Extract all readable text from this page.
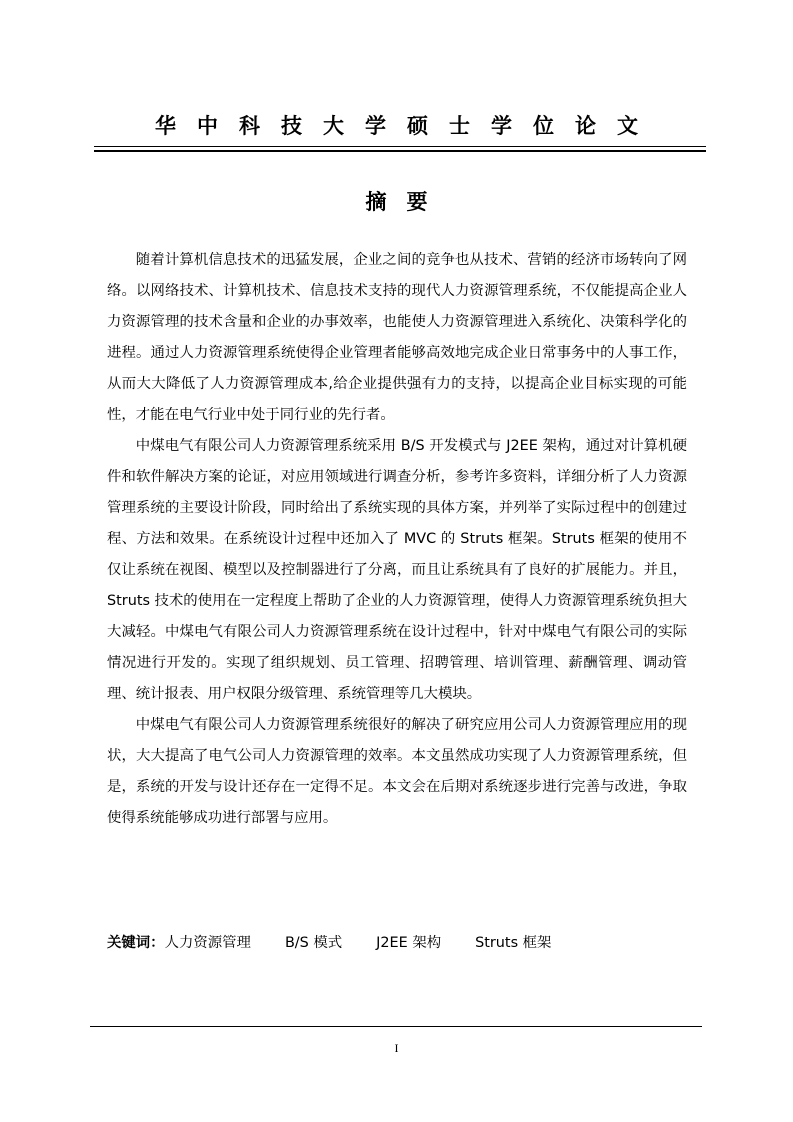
华中科技大学硕士学位论文
摘要

随着计算机信息技术的迅猛发展，企业之间的竞争也从技术、营销的经济市场转向了网络。以网络技术、计算机技术、信息技术支持的现代人力资源管理系统，不仅能提高企业人力资源管理的技术含量和企业的办事效率，也能使人力资源管理进入系统化、决策科学化的进程。通过人力资源管理系统使得企业管理者能够高效地完成企业日常事务中的人事工作，从而大大降低了人力资源管理成本,给企业提供强有力的支持，以提高企业目标实现的可能性，才能在电气行业中处于同行业的先行者。

中煤电气有限公司人力资源管理系统采用 B/S 开发模式与 J2EE 架构，通过对计算机硬件和软件解决方案的论证，对应用领域进行调查分析，参考许多资料，详细分析了人力资源管理系统的主要设计阶段，同时给出了系统实现的具体方案，并列举了实际过程中的创建过程、方法和效果。在系统设计过程中还加入了 MVC 的 Struts 框架。Struts 框架的使用不仅让系统在视图、模型以及控制器进行了分离，而且让系统具有了良好的扩展能力。并且，Struts 技术的使用在一定程度上帮助了企业的人力资源管理，使得人力资源管理系统负担大大减轻。中煤电气有限公司人力资源管理系统在设计过程中，针对中煤电气有限公司的实际情况进行开发的。实现了组织规划、员工管理、招聘管理、培训管理、薪酬管理、调动管理、统计报表、用户权限分级管理、系统管理等几大模块。

中煤电气有限公司人力资源管理系统很好的解决了研究应用公司人力资源管理应用的现状，大大提高了电气公司人力资源管理的效率。本文虽然成功实现了人力资源管理系统，但是，系统的开发与设计还存在一定得不足。本文会在后期对系统逐步进行完善与改进，争取使得系统能够成功进行部署与应用。

关键词：人力资源管理 B/S 模式 J2EE 架构 Struts 框架
I
